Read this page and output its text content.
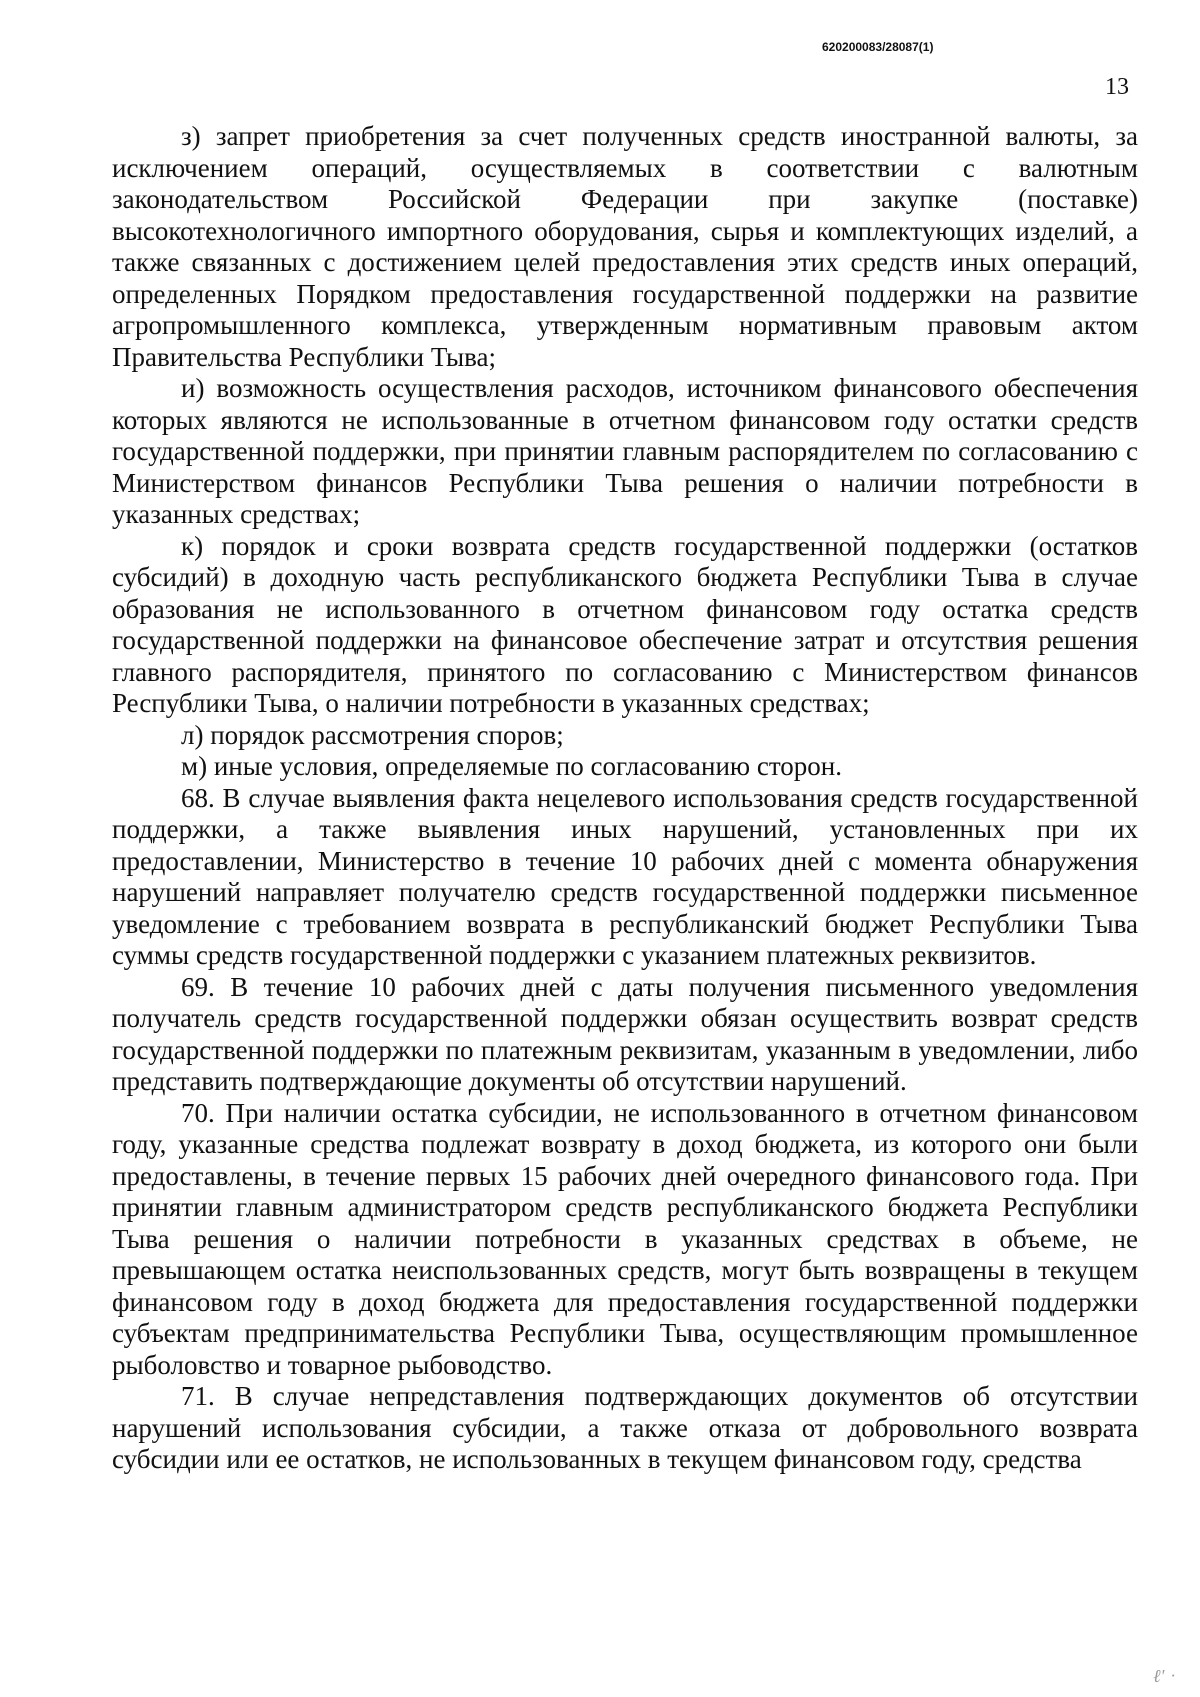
620200083/28087(1)
13

з) запрет приобретения за счет полученных средств иностранной валюты, за исключением операций, осуществляемых в соответствии с валютным законодательством Российской Федерации при закупке (поставке) высокотехнологичного импортного оборудования, сырья и комплектующих изделий, а также связанных с достижением целей предоставления этих средств иных операций, определенных Порядком предоставления государственной поддержки на развитие агропромышленного комплекса, утвержденным нормативным правовым актом Правительства Республики Тыва;

и) возможность осуществления расходов, источником финансового обеспечения которых являются не использованные в отчетном финансовом году остатки средств государственной поддержки, при принятии главным распорядителем по согласованию с Министерством финансов Республики Тыва решения о наличии потребности в указанных средствах;

к) порядок и сроки возврата средств государственной поддержки (остатков субсидий) в доходную часть республиканского бюджета Республики Тыва в случае образования не использованного в отчетном финансовом году остатка средств государственной поддержки на финансовое обеспечение затрат и отсутствия решения главного распорядителя, принятого по согласованию с Министерством финансов Республики Тыва, о наличии потребности в указанных средствах;

л) порядок рассмотрения споров;

м) иные условия, определяемые по согласованию сторон.

68. В случае выявления факта нецелевого использования средств государственной поддержки, а также выявления иных нарушений, установленных при их предоставлении, Министерство в течение 10 рабочих дней с момента обнаружения нарушений направляет получателю средств государственной поддержки письменное уведомление с требованием возврата в республиканский бюджет Республики Тыва суммы средств государственной поддержки с указанием платежных реквизитов.

69. В течение 10 рабочих дней с даты получения письменного уведомления получатель средств государственной поддержки обязан осуществить возврат средств государственной поддержки по платежным реквизитам, указанным в уведомлении, либо представить подтверждающие документы об отсутствии нарушений.

70. При наличии остатка субсидии, не использованного в отчетном финансовом году, указанные средства подлежат возврату в доход бюджета, из которого они были предоставлены, в течение первых 15 рабочих дней очередного финансового года. При принятии главным администратором средств республиканского бюджета Республики Тыва решения о наличии потребности в указанных средствах в объеме, не превышающем остатка неиспользованных средств, могут быть возвращены в текущем финансовом году в доход бюджета для предоставления государственной поддержки субъектам предпринимательства Республики Тыва, осуществляющим промышленное рыболовство и товарное рыбоводство.

71. В случае непредставления подтверждающих документов об отсутствии нарушений использования субсидии, а также отказа от добровольного возврата субсидии или ее остатков, не использованных в текущем финансовом году, средства

ℓ' ᐧ
